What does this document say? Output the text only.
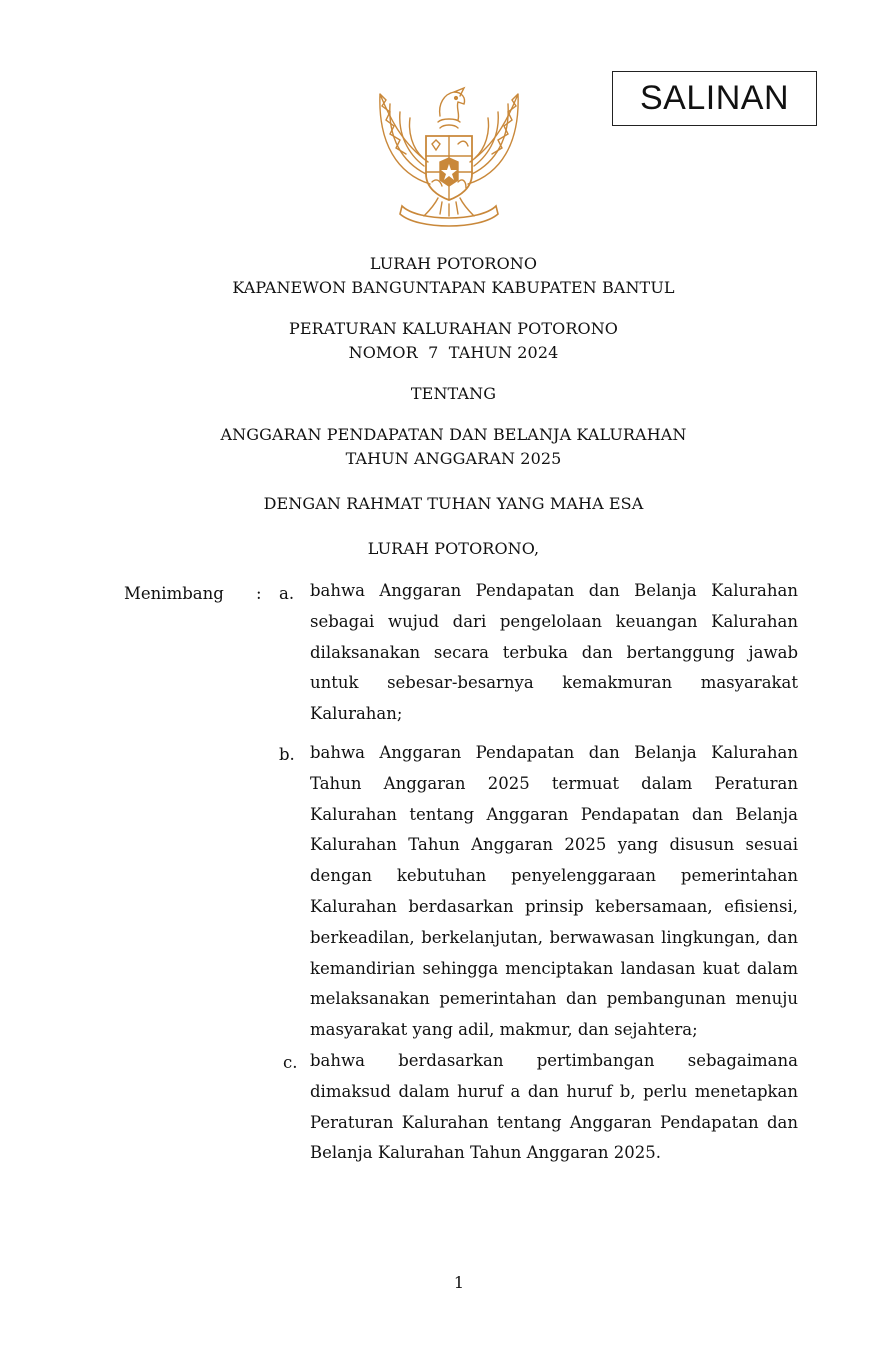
SALINAN
LURAH POTORONO
KAPANEWON BANGUNTAPAN KABUPATEN BANTUL
PERATURAN KALURAHAN POTORONO
NOMOR  7  TAHUN 2024
TENTANG
ANGGARAN PENDAPATAN DAN BELANJA KALURAHAN
TAHUN ANGGARAN 2025
DENGAN RAHMAT TUHAN YANG MAHA ESA
LURAH POTORONO,
Menimbang : a. bahwa Anggaran Pendapatan dan Belanja Kalurahan sebagai wujud dari pengelolaan keuangan Kalurahan dilaksanakan secara terbuka dan bertanggung jawab untuk sebesar-besarnya kemakmuran masyarakat Kalurahan;
b. bahwa Anggaran Pendapatan dan Belanja Kalurahan Tahun Anggaran 2025 termuat dalam Peraturan Kalurahan tentang Anggaran Pendapatan dan Belanja Kalurahan Tahun Anggaran 2025 yang disusun sesuai dengan kebutuhan penyelenggaraan pemerintahan Kalurahan berdasarkan prinsip kebersamaan, efisiensi, berkeadilan, berkelanjutan, berwawasan lingkungan, dan kemandirian sehingga menciptakan landasan kuat dalam melaksanakan pemerintahan dan pembangunan menuju masyarakat yang adil, makmur, dan sejahtera;
c. bahwa berdasarkan pertimbangan sebagaimana dimaksud dalam huruf a dan huruf b, perlu menetapkan Peraturan Kalurahan tentang Anggaran Pendapatan dan Belanja Kalurahan Tahun Anggaran 2025.
1
